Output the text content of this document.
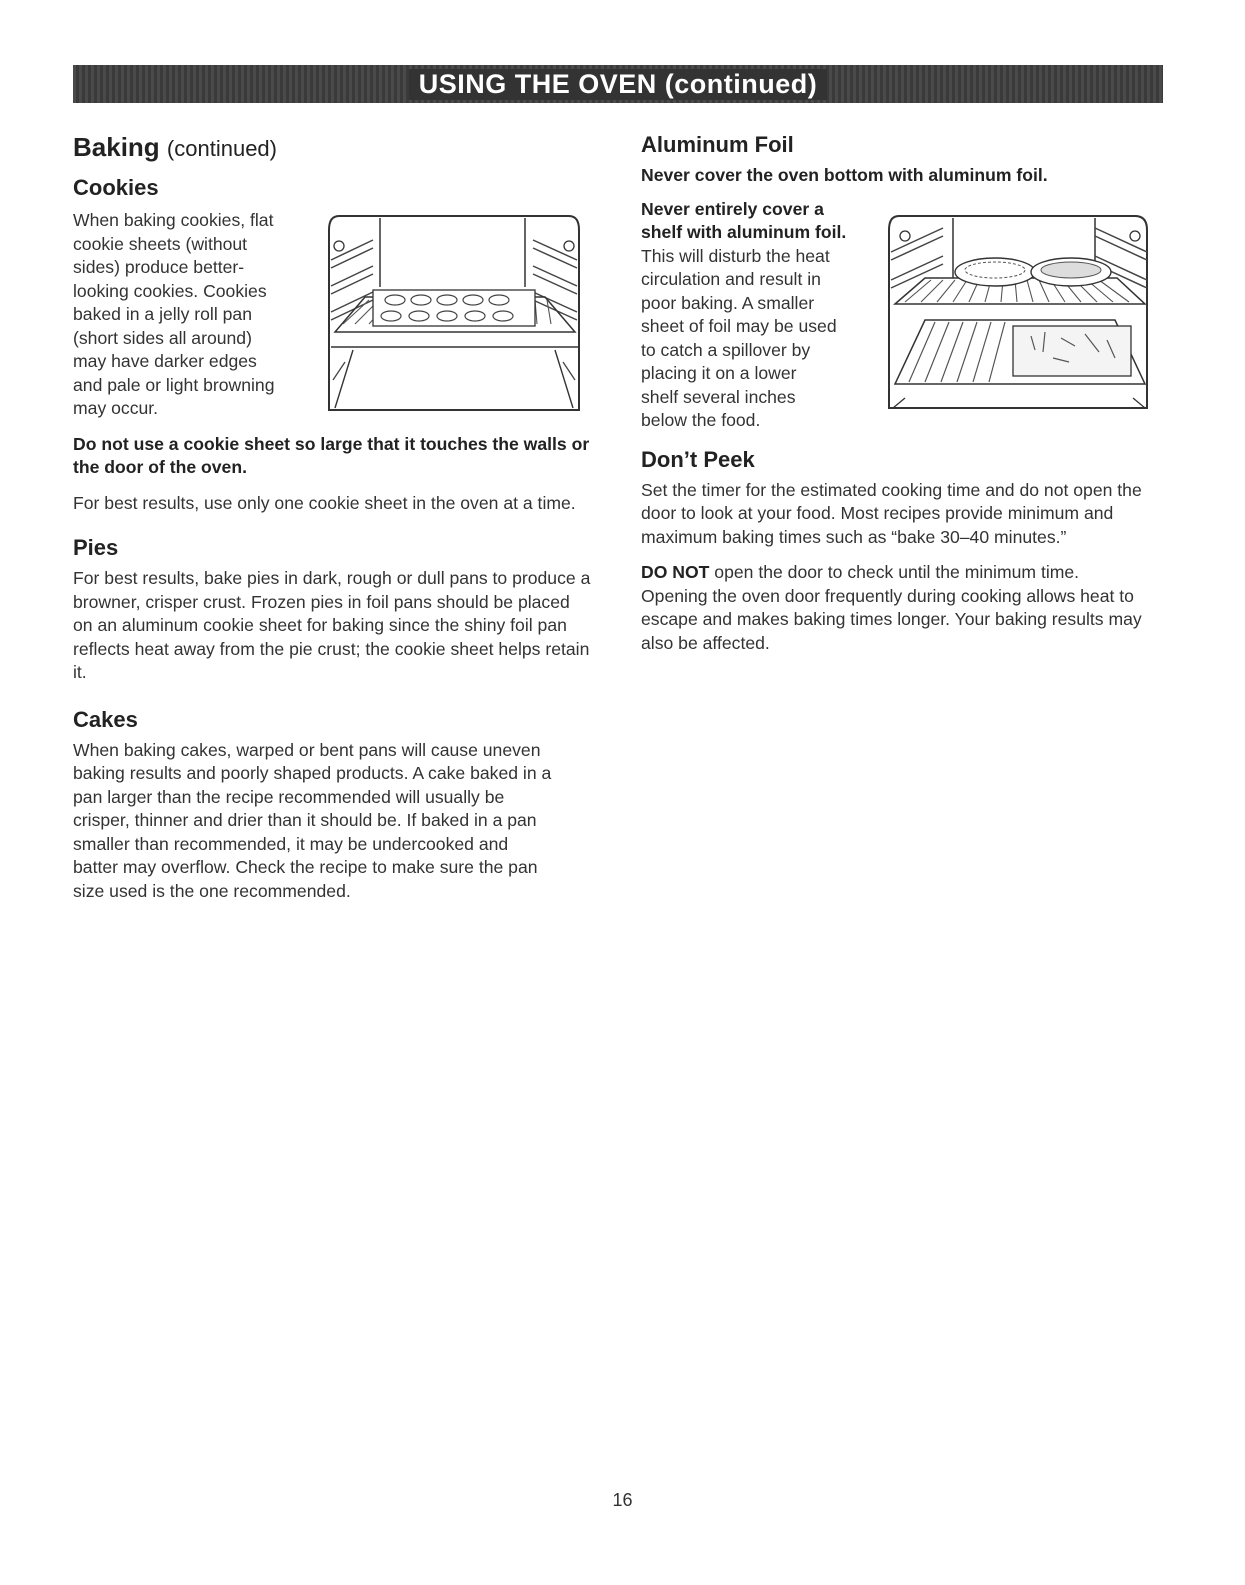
USING THE OVEN (continued)
Baking (continued)
Cookies

When baking cookies, flat

cookie sheets (without

sides) produce better-

looking cookies. Cookies

baked in a jelly roll pan

(short sides all around)

may have darker edges

and pale or light browning

may occur.

Do not use a cookie sheet so large that it touches the walls or the door of the oven.

For best results, use only one cookie sheet in the oven at a time.

Pies

For best results, bake pies in dark, rough or dull pans to produce a browner, crisper crust. Frozen pies in foil pans should be placed on an aluminum cookie sheet for baking since the shiny foil pan reflects heat away from the pie crust; the cookie sheet helps retain it.

Cakes

When baking cakes, warped or bent pans will cause uneven baking results and poorly shaped products. A cake baked in a pan larger than the recipe recommended will usually be crisper, thinner and drier than it should be. If baked in a pan smaller than recommended, it may be undercooked and batter may overflow. Check the recipe to make sure the pan size used is the one recommended.

Aluminum Foil

Never cover the oven bottom with aluminum foil.

Never entirely cover a

shelf with aluminum foil.

This will disturb the heat

circulation and result in

poor baking. A smaller

sheet of foil may be used

to catch a spillover by

placing it on a lower

shelf several inches

below the food.

Don’t Peek

Set the timer for the estimated cooking time and do not open the door to look at your food. Most recipes provide minimum and maximum baking times such as “bake 30–40 minutes.”

DO NOT open the door to check until the minimum time. Opening the oven door frequently during cooking allows heat to escape and makes baking times longer. Your baking results may also be affected.

16
